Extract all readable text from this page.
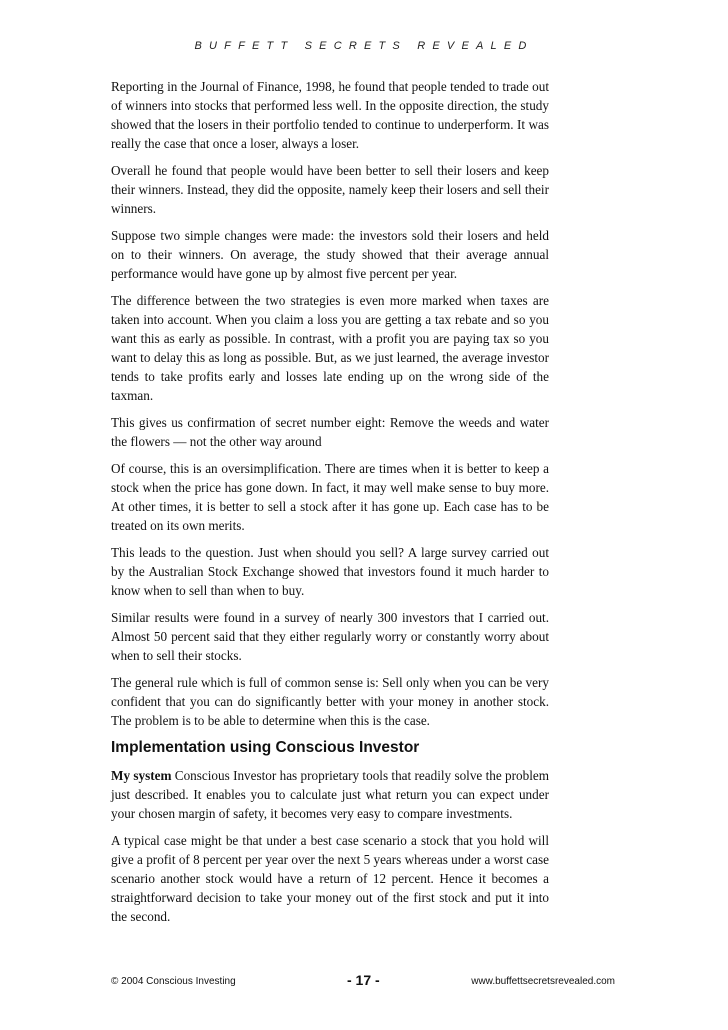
BUFFETT SECRETS REVEALED

Reporting in the Journal of Finance, 1998, he found that people tended to trade out of winners into stocks that performed less well. In the opposite direction, the study showed that the losers in their portfolio tended to continue to underperform. It was really the case that once a loser, always a loser.

Overall he found that people would have been better to sell their losers and keep their winners. Instead, they did the opposite, namely keep their losers and sell their winners.

Suppose two simple changes were made: the investors sold their losers and held on to their winners. On average, the study showed that their average annual performance would have gone up by almost five percent per year.

The difference between the two strategies is even more marked when taxes are taken into account. When you claim a loss you are getting a tax rebate and so you want this as early as possible. In contrast, with a profit you are paying tax so you want to delay this as long as possible. But, as we just learned, the average investor tends to take profits early and losses late ending up on the wrong side of the taxman.

This gives us confirmation of secret number eight: Remove the weeds and water the flowers — not the other way around

Of course, this is an oversimplification. There are times when it is better to keep a stock when the price has gone down. In fact, it may well make sense to buy more. At other times, it is better to sell a stock after it has gone up. Each case has to be treated on its own merits.

This leads to the question. Just when should you sell? A large survey carried out by the Australian Stock Exchange showed that investors found it much harder to know when to sell than when to buy.

Similar results were found in a survey of nearly 300 investors that I carried out. Almost 50 percent said that they either regularly worry or constantly worry about when to sell their stocks.

The general rule which is full of common sense is: Sell only when you can be very confident that you can do significantly better with your money in another stock. The problem is to be able to determine when this is the case.

Implementation using Conscious Investor

My system Conscious Investor has proprietary tools that readily solve the problem just described. It enables you to calculate just what return you can expect under your chosen margin of safety, it becomes very easy to compare investments.

A typical case might be that under a best case scenario a stock that you hold will give a profit of 8 percent per year over the next 5 years whereas under a worst case scenario another stock would have a return of 12 percent. Hence it becomes a straightforward decision to take your money out of the first stock and put it into the second.

© 2004 Conscious Investing	- 17 -	www.buffettsecretsrevealed.com
